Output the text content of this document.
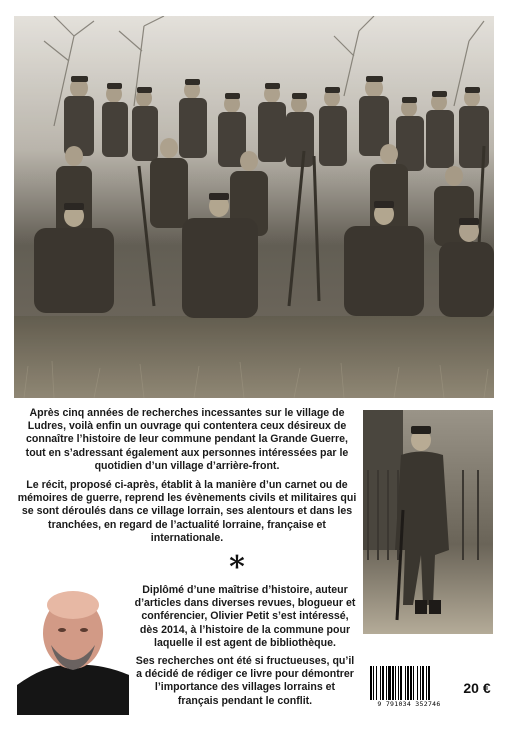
Après cinq années de recherches incessantes sur le village de Ludres, voilà enfin un ouvrage qui contentera ceux désireux de connaître l’histoire de leur commune pendant la Grande Guerre, tout en s’adressant également aux personnes intéressées par le quotidien d’un village d’arrière-front.

Le récit, proposé ci-après, établit à la manière d’un carnet ou de mémoires de guerre, reprend les évènements civils et militaires qui se sont déroulés dans ce village lorrain, ses alentours et dans les tranchées, en regard de l’actualité lorraine, française et internationale.

*

Diplômé d’une maîtrise d’histoire, auteur d’articles dans diverses revues, blogueur et conférencier, Olivier Petit s’est intéressé, dès 2014, à l’histoire de la commune pour laquelle il est agent de bibliothèque.

Ses recherches ont été si fructueuses, qu’il a décidé de rédiger ce livre pour démontrer l’importance des villages lorrains et français pendant le conflit.	9 791034 352746
20 €
